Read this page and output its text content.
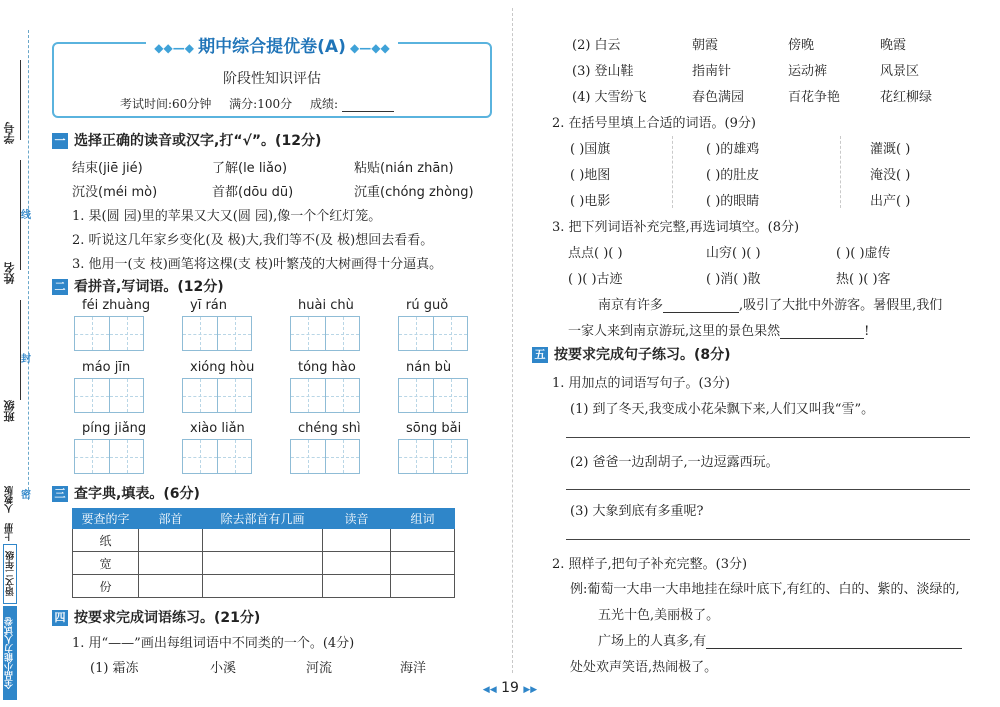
学号
姓名
班级
线
封
密
全品小能力人试卷
语文二年级
上册
人教版
◆◆—◆ 期中综合提优卷(A) ◆—◆◆
阶段性知识评估
考试时间:60分钟 满分:100分 成绩:
一 选择正确的读音或汉字,打“√”。(12分)
结束(jiē jié)	了解(le liǎo)	粘贴(nián zhān)
沉没(méi mò)	首都(dōu dū)	沉重(chóng zhòng)
1. 果(圆 园)里的苹果又大又(圆 园),像一个个红灯笼。
2. 听说这几年家乡变化(及 极)大,我们等不(及 极)想回去看看。
3. 他用一(支 枝)画笔将这棵(支 枝)叶繁茂的大树画得十分逼真。
二 看拼音,写词语。(12分)
féi zhuàng	yī rán	huài chù	rú guǒ
máo jīn	xióng hòu	tóng hào	nán bù
píng jiǎng	xiào liǎn	chéng shì	sōng bǎi
三 查字典,填表。(6分)
要查的字	部首	除去部首有几画	读音	组词
纸				
宽				
份				
四 按要求完成词语练习。(21分)
1. 用“——”画出每组词语中不同类的一个。(4分)
(1) 霜冻	小溪	河流	海洋
(2) 白云	朝霞	傍晚	晚霞
(3) 登山鞋	指南针	运动裤	风景区
(4) 大雪纷飞	春色满园	百花争艳	花红柳绿
2. 在括号里填上合适的词语。(9分)
( )国旗	( )的雄鸡	灌溉( )
( )地图	( )的肚皮	淹没( )
( )电影	( )的眼睛	出产( )
3. 把下列词语补充完整,再选词填空。(8分)
点点( )( )	山穷( )( )	( )( )虚传
( )( )古迹	( )消( )散	热( )( )客
南京有许多	,吸引了大批中外游客。暑假里,我们
一家人来到南京游玩,这里的景色果然	!
五 按要求完成句子练习。(8分)
1. 用加点的词语写句子。(3分)
(1) 到了冬天,我变成小花朵飘下来,人们又叫我“雪”。
(2) 爸爸一边刮胡子,一边逗露西玩。
(3) 大象到底有多重呢?
2. 照样子,把句子补充完整。(3分)
例:葡萄一大串一大串地挂在绿叶底下,有红的、白的、紫的、淡绿的,
五光十色,美丽极了。
广场上的人真多,有
处处欢声笑语,热闹极了。
◀◀ 19 ▶▶
